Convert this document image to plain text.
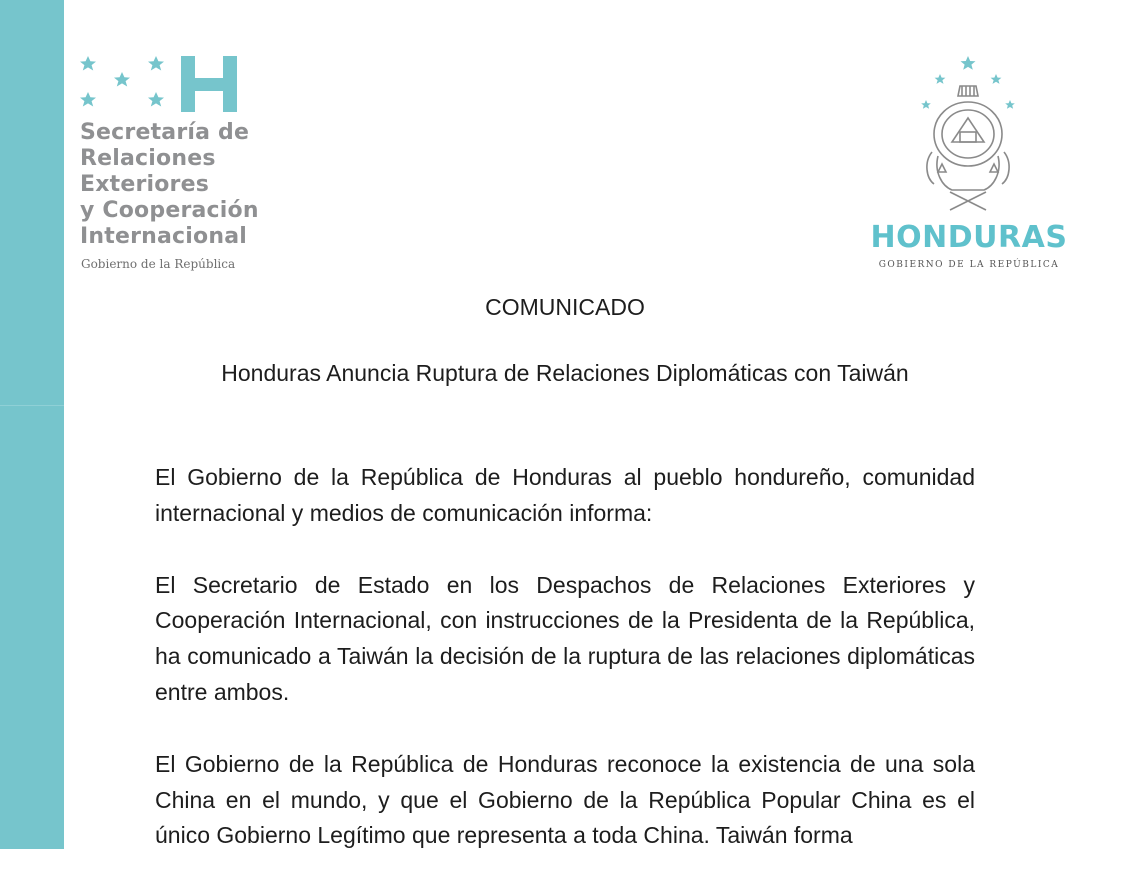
Secretaría de
Relaciones
Exteriores
y Cooperación
Internacional
Gobierno de la República
HONDURAS
GOBIERNO DE LA REPÚBLICA
COMUNICADO
Honduras Anuncia Ruptura de Relaciones Diplomáticas con Taiwán

El Gobierno de la República de Honduras al pueblo hondureño, comunidad internacional y medios de comunicación informa:

El Secretario de Estado en los Despachos de Relaciones Exteriores y Cooperación Internacional, con instrucciones de la Presidenta de la República, ha comunicado a Taiwán la decisión de la ruptura de las relaciones diplomáticas entre ambos.

El Gobierno de la República de Honduras reconoce la existencia de una sola China en el mundo, y que el Gobierno de la República Popular China es el único Gobierno Legítimo que representa a toda China. Taiwán forma
